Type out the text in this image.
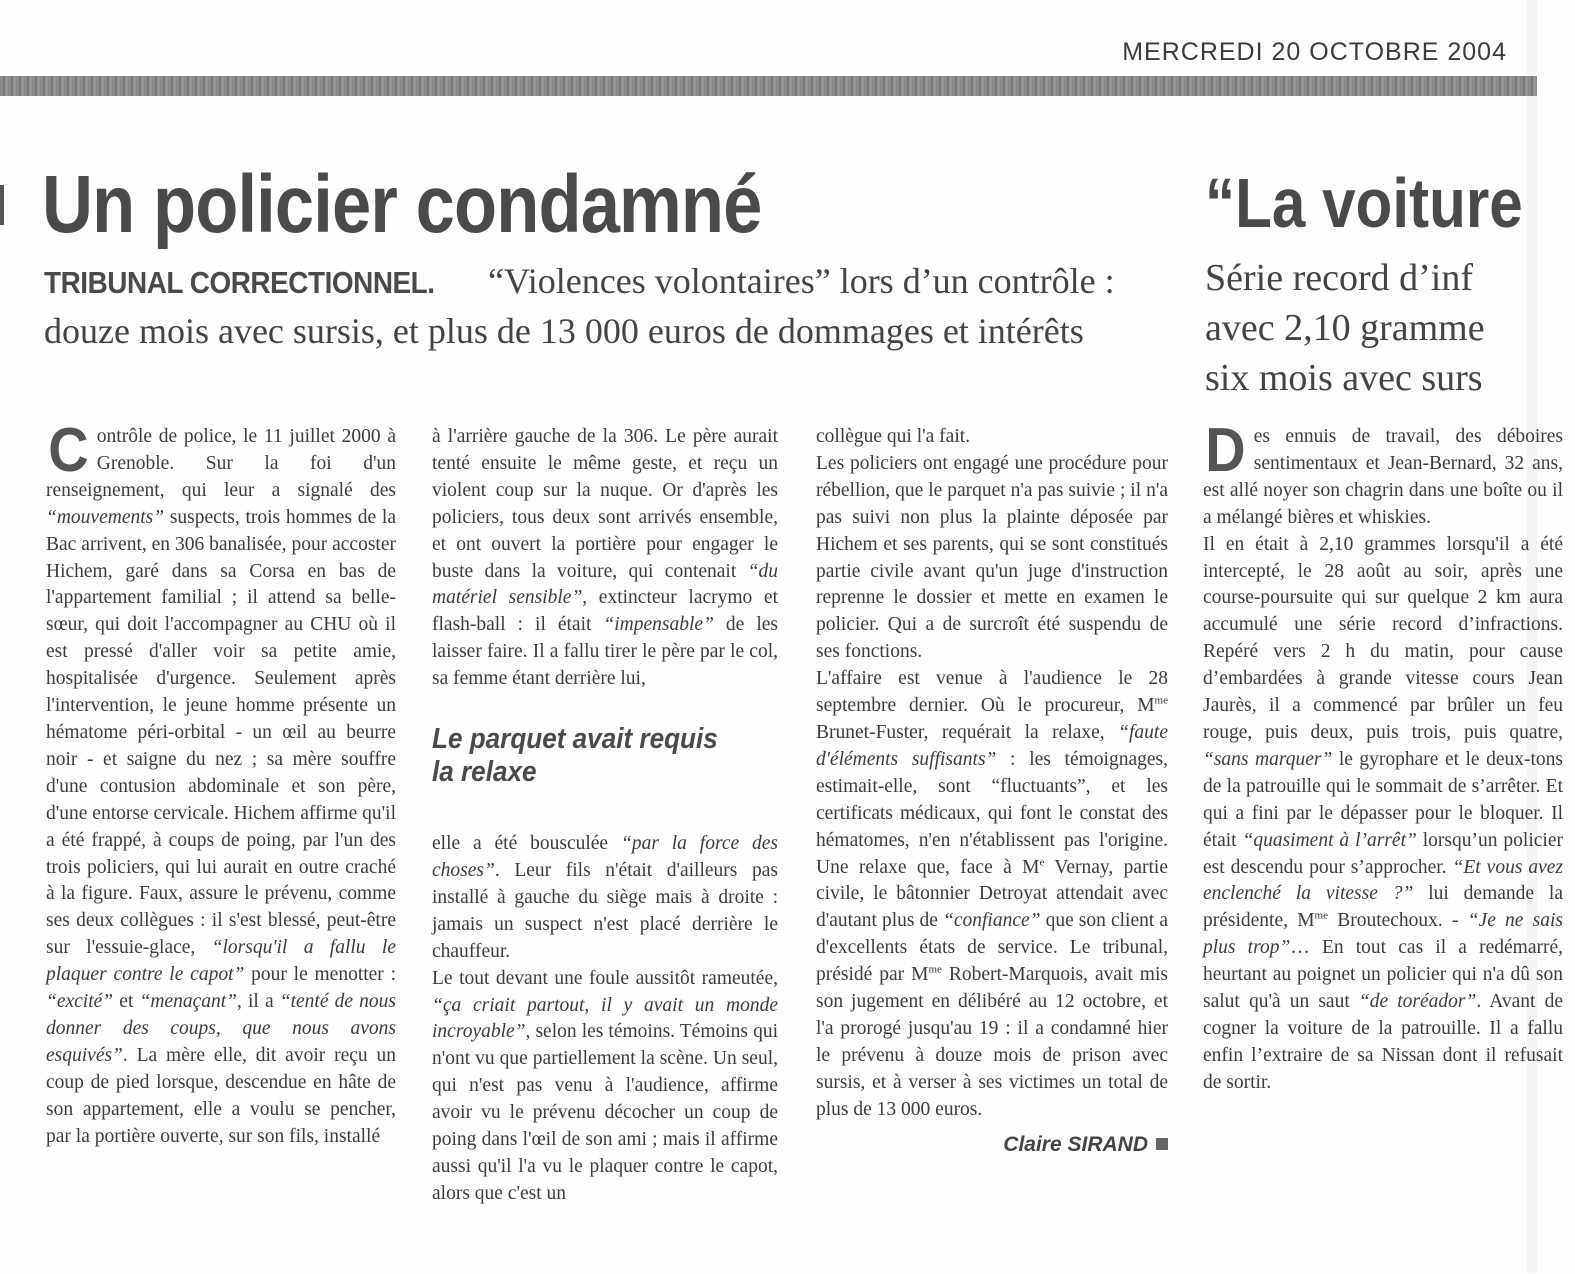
MERCREDI 20 OCTOBRE 2004
Un policier condamné
TRIBUNAL CORRECTIONNEL. “Violences volontaires” lors d’un contrôle : douze mois avec sursis, et plus de 13 000 euros de dommages et intérêts

Contrôle de police, le 11 juillet 2000 à Grenoble. Sur la foi d'un renseignement, qui leur a signalé des “mouvements” suspects, trois hommes de la Bac arrivent, en 306 banalisée, pour accoster Hichem, garé dans sa Corsa en bas de l'appartement familial ; il attend sa belle-sœur, qui doit l'accompagner au CHU où il est pressé d'aller voir sa petite amie, hospitalisée d'urgence. Seulement après l'intervention, le jeune homme présente un hématome péri-orbital - un œil au beurre noir - et saigne du nez ; sa mère souffre d'une contusion abdominale et son père, d'une entorse cervicale. Hichem affirme qu'il a été frappé, à coups de poing, par l'un des trois policiers, qui lui aurait en outre craché à la figure. Faux, assure le prévenu, comme ses deux collègues : il s'est blessé, peut-être sur l'essuie-glace, “lorsqu'il a fallu le plaquer contre le capot” pour le menotter : “excité” et “menaçant”, il a “tenté de nous donner des coups, que nous avons esquivés”. La mère elle, dit avoir reçu un coup de pied lorsque, descendue en hâte de son appartement, elle a voulu se pencher, par la portière ouverte, sur son fils, installé

à l'arrière gauche de la 306. Le père aurait tenté ensuite le même geste, et reçu un violent coup sur la nuque. Or d'après les policiers, tous deux sont arrivés ensemble, et ont ouvert la portière pour engager le buste dans la voiture, qui contenait “du matériel sensible”, extincteur lacrymo et flash-ball : il était “impensable” de les laisser faire. Il a fallu tirer le père par le col, sa femme étant derrière lui,

Le parquet avait requis la relaxe

elle a été bousculée “par la force des choses”. Leur fils n'était d'ailleurs pas installé à gauche du siège mais à droite : jamais un suspect n'est placé derrière le chauffeur.

Le tout devant une foule aussitôt rameutée, “ça criait partout, il y avait un monde incroyable”, selon les témoins. Témoins qui n'ont vu que partiellement la scène. Un seul, qui n'est pas venu à l'audience, affirme avoir vu le prévenu décocher un coup de poing dans l'œil de son ami ; mais il affirme aussi qu'il l'a vu le plaquer contre le capot, alors que c'est un

collègue qui l'a fait.

Les policiers ont engagé une procédure pour rébellion, que le parquet n'a pas suivie ; il n'a pas suivi non plus la plainte déposée par Hichem et ses parents, qui se sont constitués partie civile avant qu'un juge d'instruction reprenne le dossier et mette en examen le policier. Qui a de surcroît été suspendu de ses fonctions.

L'affaire est venue à l'audience le 28 septembre dernier. Où le procureur, $M^{me}$ Brunet-Fuster, requérait la relaxe, “faute d'éléments suffisants” : les témoignages, estimait-elle, sont “fluctuants”, et les certificats médicaux, qui font le constat des hématomes, n'en n'établissent pas l'origine. Une relaxe que, face à Me Vernay, partie civile, le bâtonnier Detroyat attendait avec d'autant plus de “confiance” que son client a d'excellents états de service. Le tribunal, présidé par $M^{me}$ Robert-Marquois, avait mis son jugement en délibéré au 12 octobre, et l'a prorogé jusqu'au 19 : il a condamné hier le prévenu à douze mois de prison avec sursis, et à verser à ses victimes un total de plus de 13 000 euros.

Claire SIRAND

“La voiture
Série record d’inf
avec 2,10 gramme
six mois avec surs

Des ennuis de travail, des déboires sentimentaux et Jean-Bernard, 32 ans, est allé noyer son chagrin dans une boîte ou il a mélangé bières et whiskies.

Il en était à 2,10 grammes lorsqu'il a été intercepté, le 28 août au soir, après une course-poursuite qui sur quelque 2 km aura accumulé une série record d’infractions. Repéré vers 2 h du matin, pour cause d’embardées à grande vitesse cours Jean Jaurès, il a commencé par brûler un feu rouge, puis deux, puis trois, puis quatre, “sans marquer” le gyrophare et le deux-tons de la patrouille qui le sommait de s’arrêter. Et qui a fini par le dépasser pour le bloquer. Il était “quasiment à l’arrêt” lorsqu’un policier est descendu pour s’approcher. “Et vous avez enclenché la vitesse ?” lui demande la présidente, $M^{me}$ Broutechoux. - “Je ne sais plus trop”… En tout cas il a redémarré, heurtant au poignet un policier qui n'a dû son salut qu'à un saut “de toréador”. Avant de cogner la voiture de la patrouille. Il a fallu enfin l’extraire de sa Nissan dont il refusait de sortir.
